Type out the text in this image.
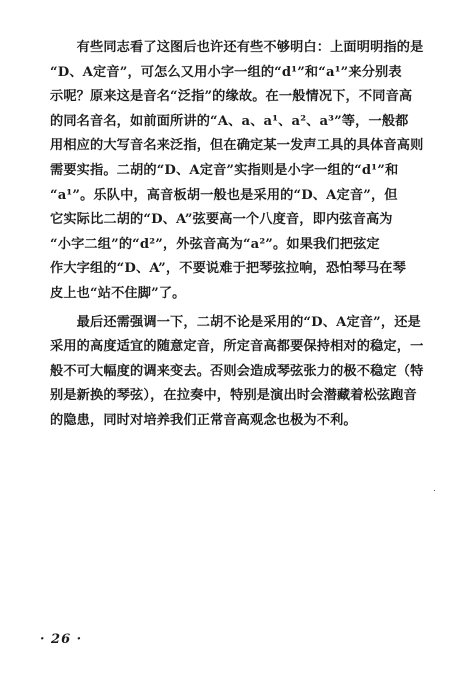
　　有些同志看了这图后也许还有些不够明白：上面明明指的是
“D、A定音”，可怎么又用小字一组的“d¹”和“a¹”来分别表
示呢？原来这是音名“泛指”的缘故。在一般情况下，不同音高
的同名音名，如前面所讲的“A、a、a¹、a²、a³”等，一般都
用相应的大写音名来泛指，但在确定某一发声工具的具体音高则
需要实指。二胡的“D、A定音”实指则是小字一组的“d¹”和
“a¹”。乐队中，高音板胡一般也是采用的“D、A定音”，但
它实际比二胡的“D、A”弦要高一个八度音，即内弦音高为
“小字二组”的“d²”，外弦音高为“a²”。如果我们把弦定
作大字组的“D、A”，不要说难于把琴弦拉响，恐怕琴马在琴
皮上也“站不住脚”了。
　　最后还需强调一下，二胡不论是采用的“D、A定音”，还是
采用的高度适宜的随意定音，所定音高都要保持相对的稳定，一
般不可大幅度的调来变去。否则会造成琴弦张力的极不稳定（特
别是新换的琴弦），在拉奏中，特别是演出时会潜藏着松弦跑音
的隐患，同时对培养我们正常音高观念也极为不利。
· 26 ·
